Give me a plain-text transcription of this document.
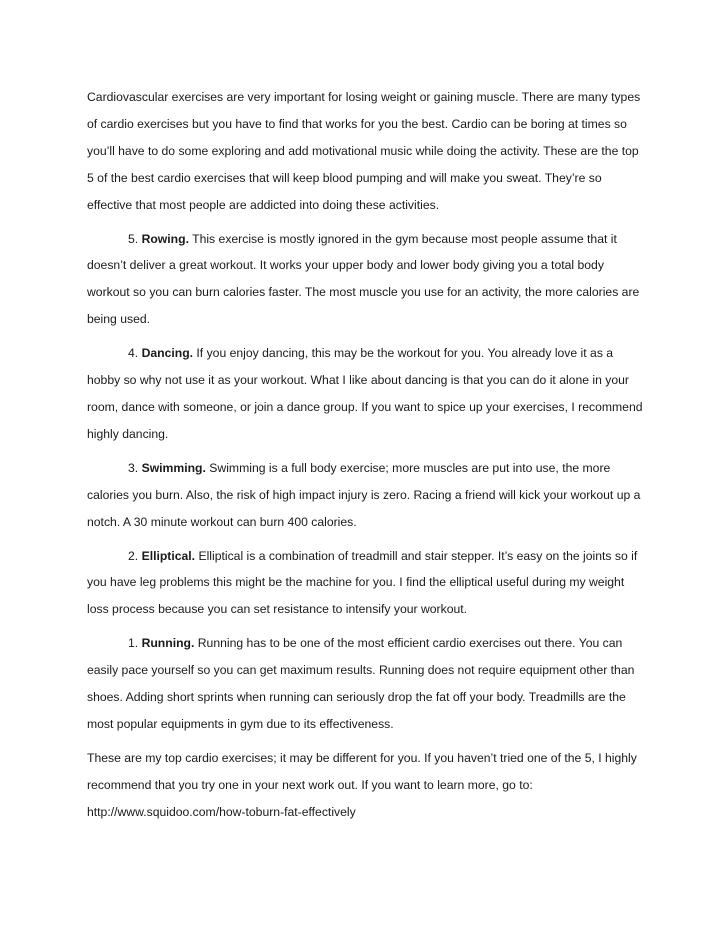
Cardiovascular exercises are very important for losing weight or gaining muscle. There are many types of cardio exercises but you have to find that works for you the best. Cardio can be boring at times so you’ll have to do some exploring and add motivational music while doing the activity. These are the top 5 of the best cardio exercises that will keep blood pumping and will make you sweat. They’re so effective that most people are addicted into doing these activities.

5. Rowing. This exercise is mostly ignored in the gym because most people assume that it doesn’t deliver a great workout. It works your upper body and lower body giving you a total body workout so you can burn calories faster. The most muscle you use for an activity, the more calories are being used.

4. Dancing. If you enjoy dancing, this may be the workout for you. You already love it as a hobby so why not use it as your workout. What I like about dancing is that you can do it alone in your room, dance with someone, or join a dance group. If you want to spice up your exercises, I recommend highly dancing.

3. Swimming. Swimming is a full body exercise; more muscles are put into use, the more calories you burn. Also, the risk of high impact injury is zero. Racing a friend will kick your workout up a notch. A 30 minute workout can burn 400 calories.

2. Elliptical. Elliptical is a combination of treadmill and stair stepper. It’s easy on the joints so if you have leg problems this might be the machine for you. I find the elliptical useful during my weight loss process because you can set resistance to intensify your workout.

1. Running. Running has to be one of the most efficient cardio exercises out there. You can easily pace yourself so you can get maximum results. Running does not require equipment other than shoes. Adding short sprints when running can seriously drop the fat off your body. Treadmills are the most popular equipments in gym due to its effectiveness.

These are my top cardio exercises; it may be different for you. If you haven’t tried one of the 5, I highly recommend that you try one in your next work out. If you want to learn more, go to:
http://www.squidoo.com/how-toburn-fat-effectively
